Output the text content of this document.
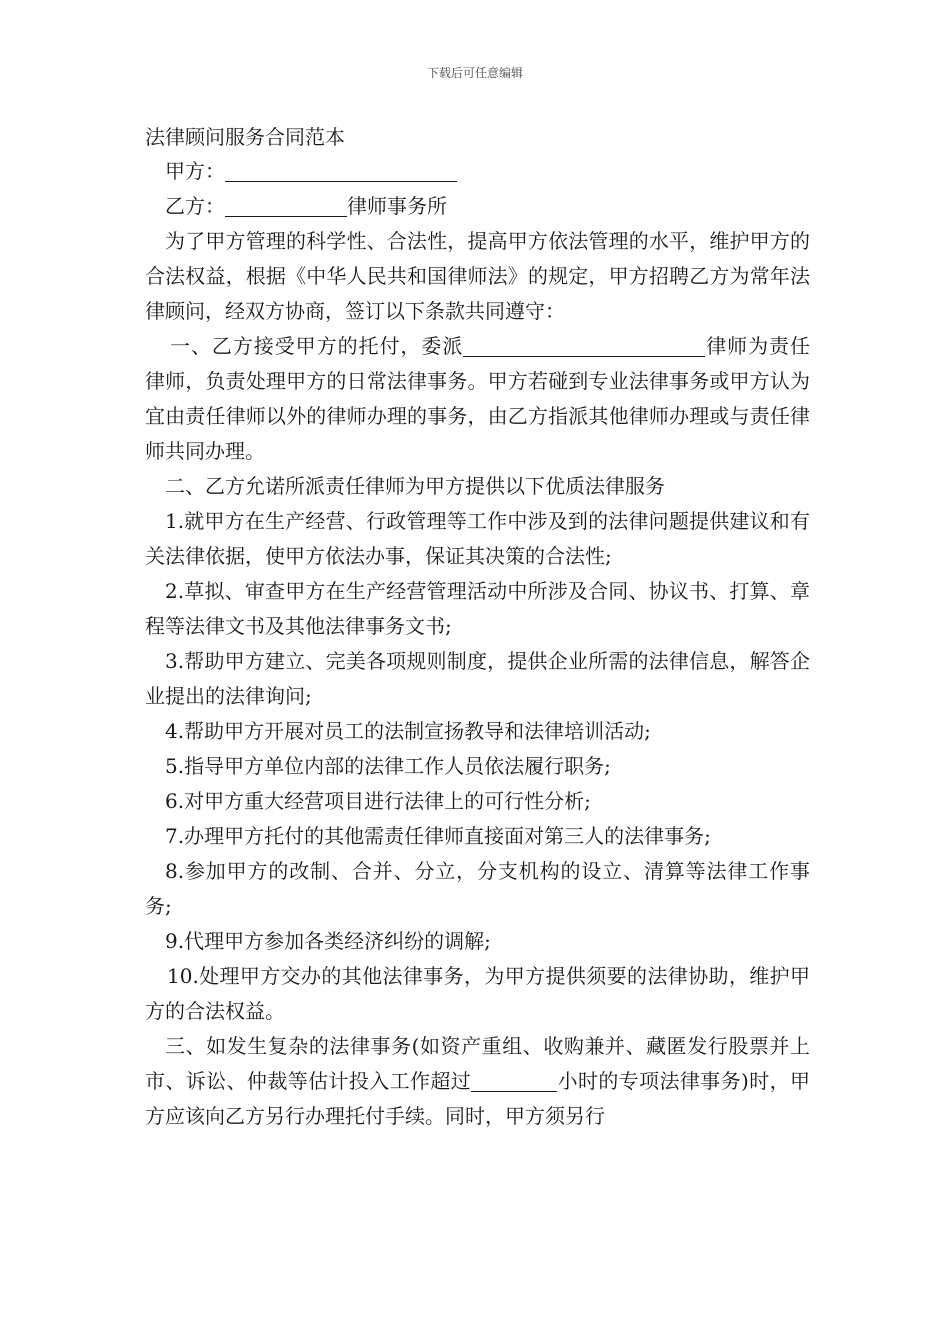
下载后可任意编辑

法律顾问服务合同范本

甲方：

乙方：	律师事务所

为了甲方管理的科学性、合法性，提高甲方依法管理的水平，维护甲方的合法权益，根据《中华人民共和国律师法》的规定，甲方招聘乙方为常年法律顾问，经双方协商，签订以下条款共同遵守：

一、乙方接受甲方的托付，委派	律师为责任律师，负责处理甲方的日常法律事务。甲方若碰到专业法律事务或甲方认为宜由责任律师以外的律师办理的事务，由乙方指派其他律师办理或与责任律师共同办理。

二、乙方允诺所派责任律师为甲方提供以下优质法律服务

1.就甲方在生产经营、行政管理等工作中涉及到的法律问题提供建议和有关法律依据，使甲方依法办事，保证其决策的合法性;

2.草拟、审查甲方在生产经营管理活动中所涉及合同、协议书、打算、章程等法律文书及其他法律事务文书;

3.帮助甲方建立、完美各项规则制度，提供企业所需的法律信息，解答企业提出的法律询问;

4.帮助甲方开展对员工的法制宣扬教导和法律培训活动;

5.指导甲方单位内部的法律工作人员依法履行职务;

6.对甲方重大经营项目进行法律上的可行性分析;

7.办理甲方托付的其他需责任律师直接面对第三人的法律事务;

8.参加甲方的改制、合并、分立，分支机构的设立、清算等法律工作事务;

9.代理甲方参加各类经济纠纷的调解;

10.处理甲方交办的其他法律事务，为甲方提供须要的法律协助，维护甲方的合法权益。

三、如发生复杂的法律事务(如资产重组、收购兼并、藏匿发行股票并上市、诉讼、仲裁等估计投入工作超过	小时的专项法律事务)时，甲方应该向乙方另行办理托付手续。同时，甲方须另行
